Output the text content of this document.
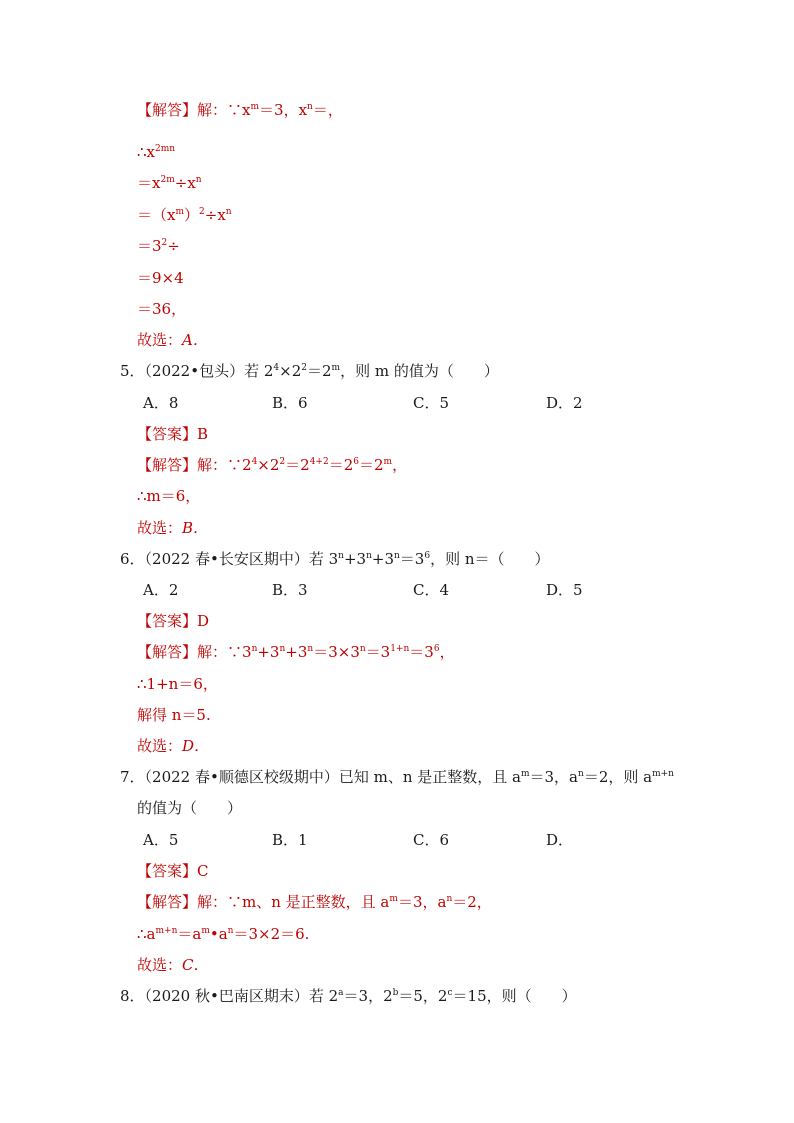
【解答】解：$\because x^m=3$，$x^n=$，
$\therefore x^{2mn}$
$=x^{2m}\div x^n$
$=(x^m)^2\div x^n$
$=3^2\div$
＝9×4
＝36，
故选：A．
5．（2022•包头）若 $2^4\times 2^2=2^m$，则 m 的值为（　　）
A．8	B．6	C．5	D．2
【答案】B
【解答】解：$\because 2^4\times 2^2=2^{4+2}=2^6=2^m$，
∴m＝6，
故选：B．
6．（2022 春•长安区期中）若 $3^n+3^n+3^n=3^6$，则 n＝（　　）
A．2	B．3	C．4	D．5
【答案】D
【解答】解：$\because 3^n+3^n+3^n=3\times 3^n=3^{1+n}=3^6$，
∴1+n＝6，
解得 n＝5.
故选：D．
7．（2022 春•顺德区校级期中）已知 m、n 是正整数，且 $a^m=3$，$a^n=2$，则 $a^{m+n}$
的值为（　　）
A．5	B．1	C．6	D．
【答案】C
【解答】解：∵m、n 是正整数，且 $a^m=3$，$a^n=2$，
$\therefore a^{m+n}=a^m•a^n=3\times 2=6$.
故选：C．
8．（2020 秋•巴南区期末）若 $2^a=3$，$2^b=5$，$2^c=15$，则（　　）
